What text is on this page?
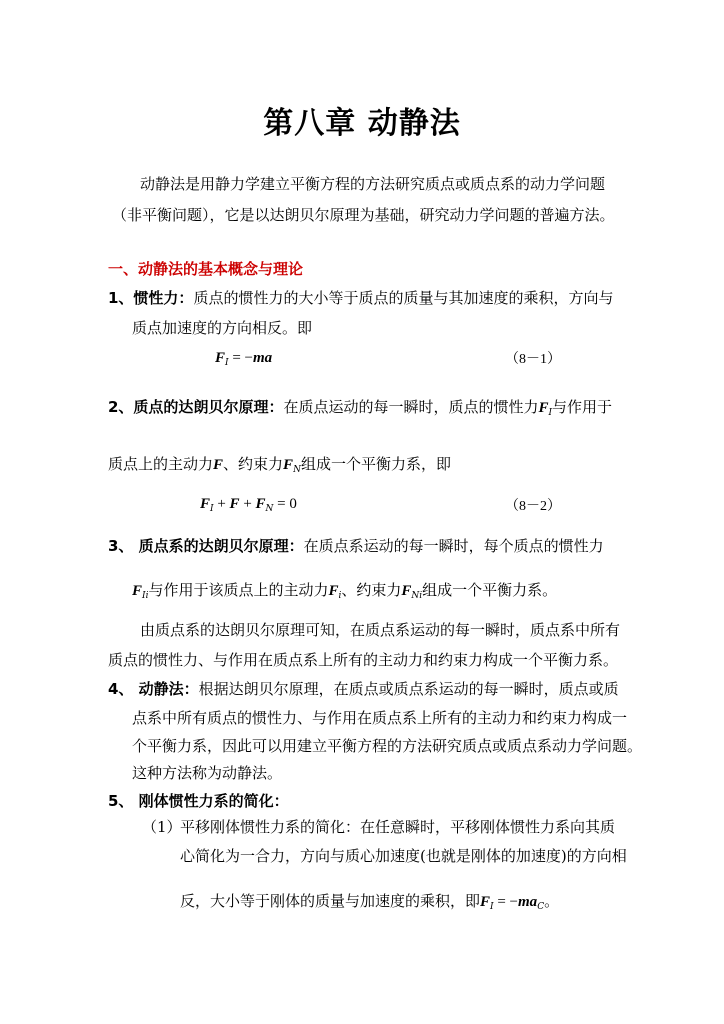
第八章 动静法
动静法是用静力学建立平衡方程的方法研究质点或质点系的动力学问题
（非平衡问题），它是以达朗贝尔原理为基础，研究动力学问题的普遍方法。
一、动静法的基本概念与理论
1、惯性力：质点的惯性力的大小等于质点的质量与其加速度的乘积，方向与
质点加速度的方向相反。即
$F_I = -ma$	（8－1）
2、质点的达朗贝尔原理：在质点运动的每一瞬时，质点的惯性力$F_I$与作用于
质点上的主动力F、约束力$F_N$组成一个平衡力系，即
$F_I + F + F_N = 0$	（8－2）
3、 质点系的达朗贝尔原理：在质点系运动的每一瞬时，每个质点的惯性力
$F_{Ii}$与作用于该质点上的主动力$F_i$、约束力$F_{Ni}$组成一个平衡力系。
由质点系的达朗贝尔原理可知，在质点系运动的每一瞬时，质点系中所有
质点的惯性力、与作用在质点系上所有的主动力和约束力构成一个平衡力系。
4、 动静法：根据达朗贝尔原理，在质点或质点系运动的每一瞬时，质点或质
点系中所有质点的惯性力、与作用在质点系上所有的主动力和约束力构成一
个平衡力系，因此可以用建立平衡方程的方法研究质点或质点系动力学问题。
这种方法称为动静法。
5、 刚体惯性力系的简化：
（1）
平移刚体惯性力系的简化：在任意瞬时，平移刚体惯性力系向其质
心简化为一合力，方向与质心加速度(也就是刚体的加速度)的方向相
反，大小等于刚体的质量与加速度的乘积，即$F_I = -ma_C$。
